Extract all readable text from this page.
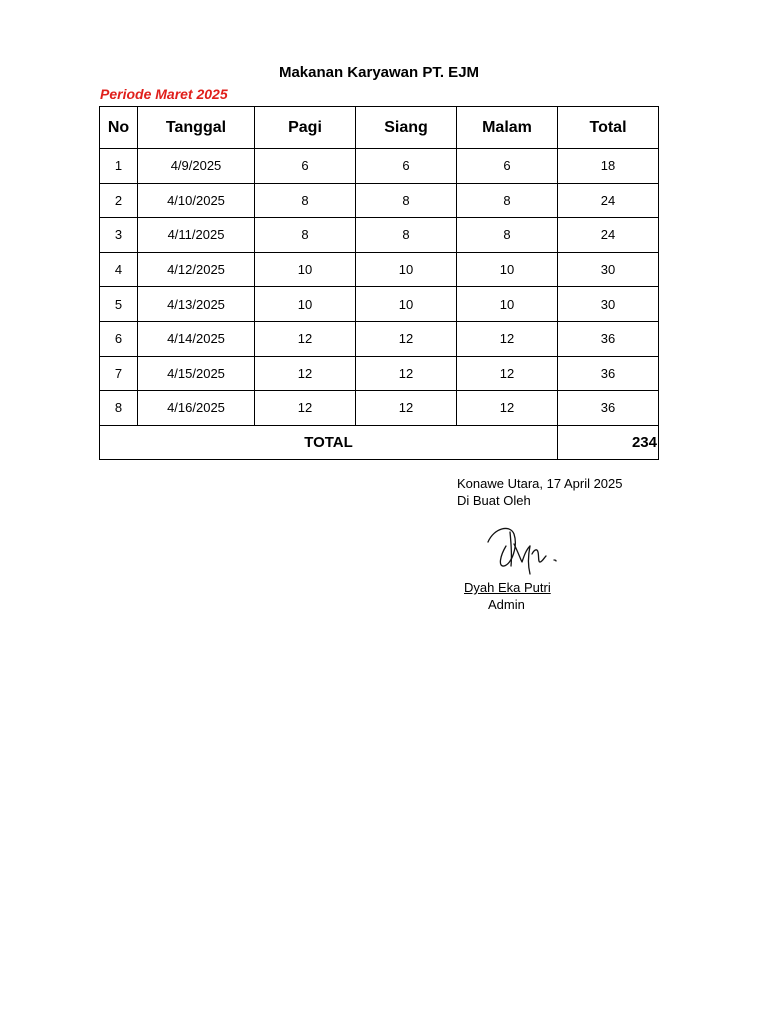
Makanan Karyawan PT. EJM
Periode Maret 2025
No	Tanggal	Pagi	Siang	Malam	Total
1	4/9/2025	6	6	6	18
2	4/10/2025	8	8	8	24
3	4/11/2025	8	8	8	24
4	4/12/2025	10	10	10	30
5	4/13/2025	10	10	10	30
6	4/14/2025	12	12	12	36
7	4/15/2025	12	12	12	36
8	4/16/2025	12	12	12	36
TOTAL					234
Konawe Utara, 17 April 2025
Di Buat Oleh
Dyah Eka Putri
Admin
